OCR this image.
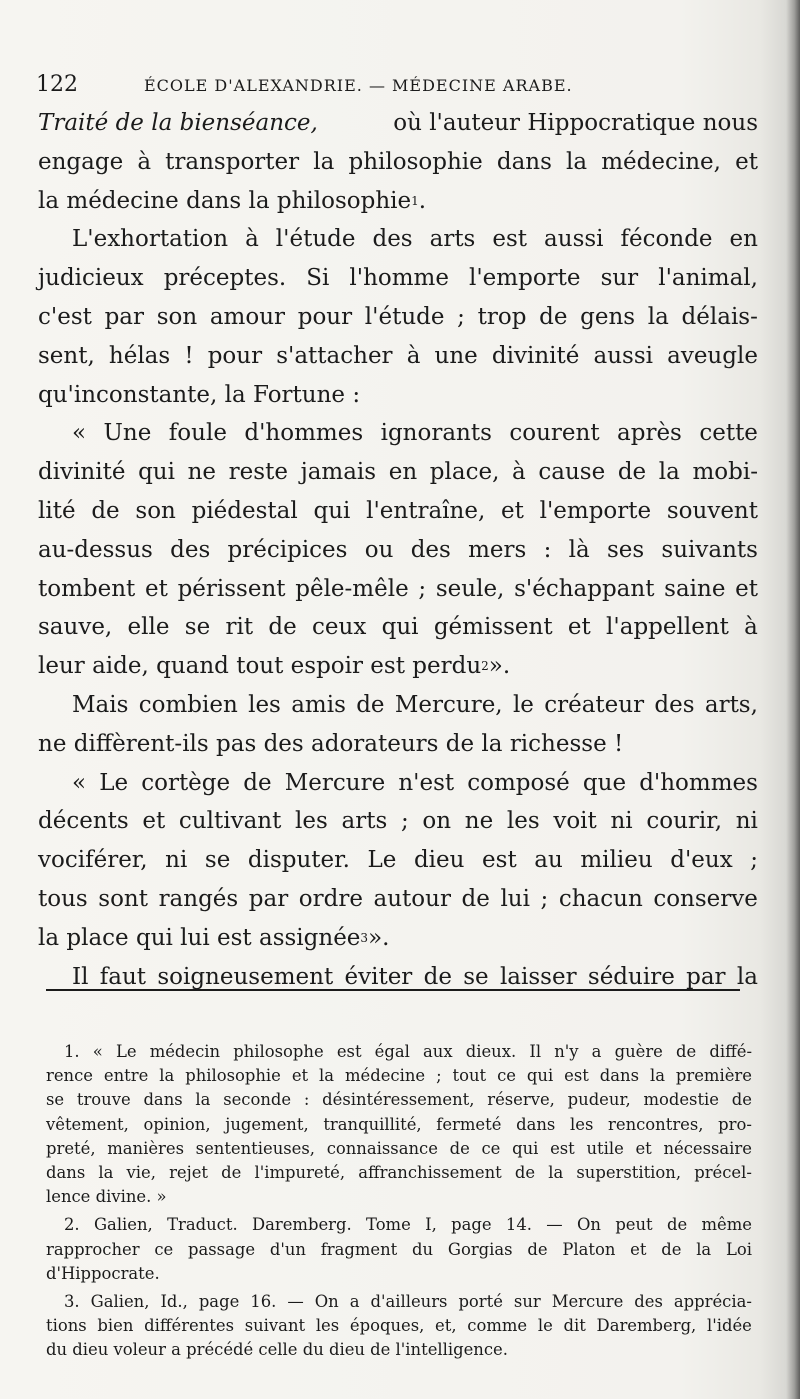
122	ÉCOLE D'ALEXANDRIE. — MÉDECINE ARABE.
Traité de la bienséance,	où l'auteur Hippocratique nous
engage à transporter la philosophie dans la médecine, et
la médecine dans la philosophie 1 .
L'exhortation à l'étude des arts est aussi féconde en
judicieux préceptes. Si l'homme l'emporte sur l'animal,
c'est par son amour pour l'étude ; trop de gens la délais-
sent, hélas ! pour s'attacher à une divinité aussi aveugle
qu'inconstante, la Fortune :
« Une foule d'hommes ignorants courent après cette
divinité qui ne reste jamais en place, à cause de la mobi-
lité de son piédestal qui l'entraîne, et l'emporte souvent
au-dessus des précipices ou des mers : là ses suivants
tombent et périssent pêle-mêle ; seule, s'échappant saine et
sauve, elle se rit de ceux qui gémissent et l'appellent à
leur aide, quand tout espoir est perdu 2 ».
Mais combien les amis de Mercure, le créateur des arts,
ne diffèrent-ils pas des adorateurs de la richesse !
« Le cortège de Mercure n'est composé que d'hommes
décents et cultivant les arts ; on ne les voit ni courir, ni
vociférer, ni se disputer. Le dieu est au milieu d'eux ;
tous sont rangés par ordre autour de lui ; chacun conserve
la place qui lui est assignée 3 ».
Il faut soigneusement éviter de se laisser séduire par la
1. « Le médecin philosophe est égal aux dieux. Il n'y a guère de diffé-
rence entre la philosophie et la médecine ; tout ce qui est dans la première
se trouve dans la seconde : désintéressement, réserve, pudeur, modestie de
vêtement, opinion, jugement, tranquillité, fermeté dans les rencontres, pro-
preté, manières sententieuses, connaissance de ce qui est utile et nécessaire
dans la vie, rejet de l'impureté, affranchissement de la superstition, précel-
lence divine. »
2. Galien, Traduct. Daremberg. Tome I, page 14. — On peut de même
rapprocher ce passage d'un fragment du Gorgias de Platon et de la Loi
d'Hippocrate.
3. Galien, Id., page 16. — On a d'ailleurs porté sur Mercure des apprécia-
tions bien différentes suivant les époques, et, comme le dit Daremberg, l'idée
du dieu voleur a précédé celle du dieu de l'intelligence.
